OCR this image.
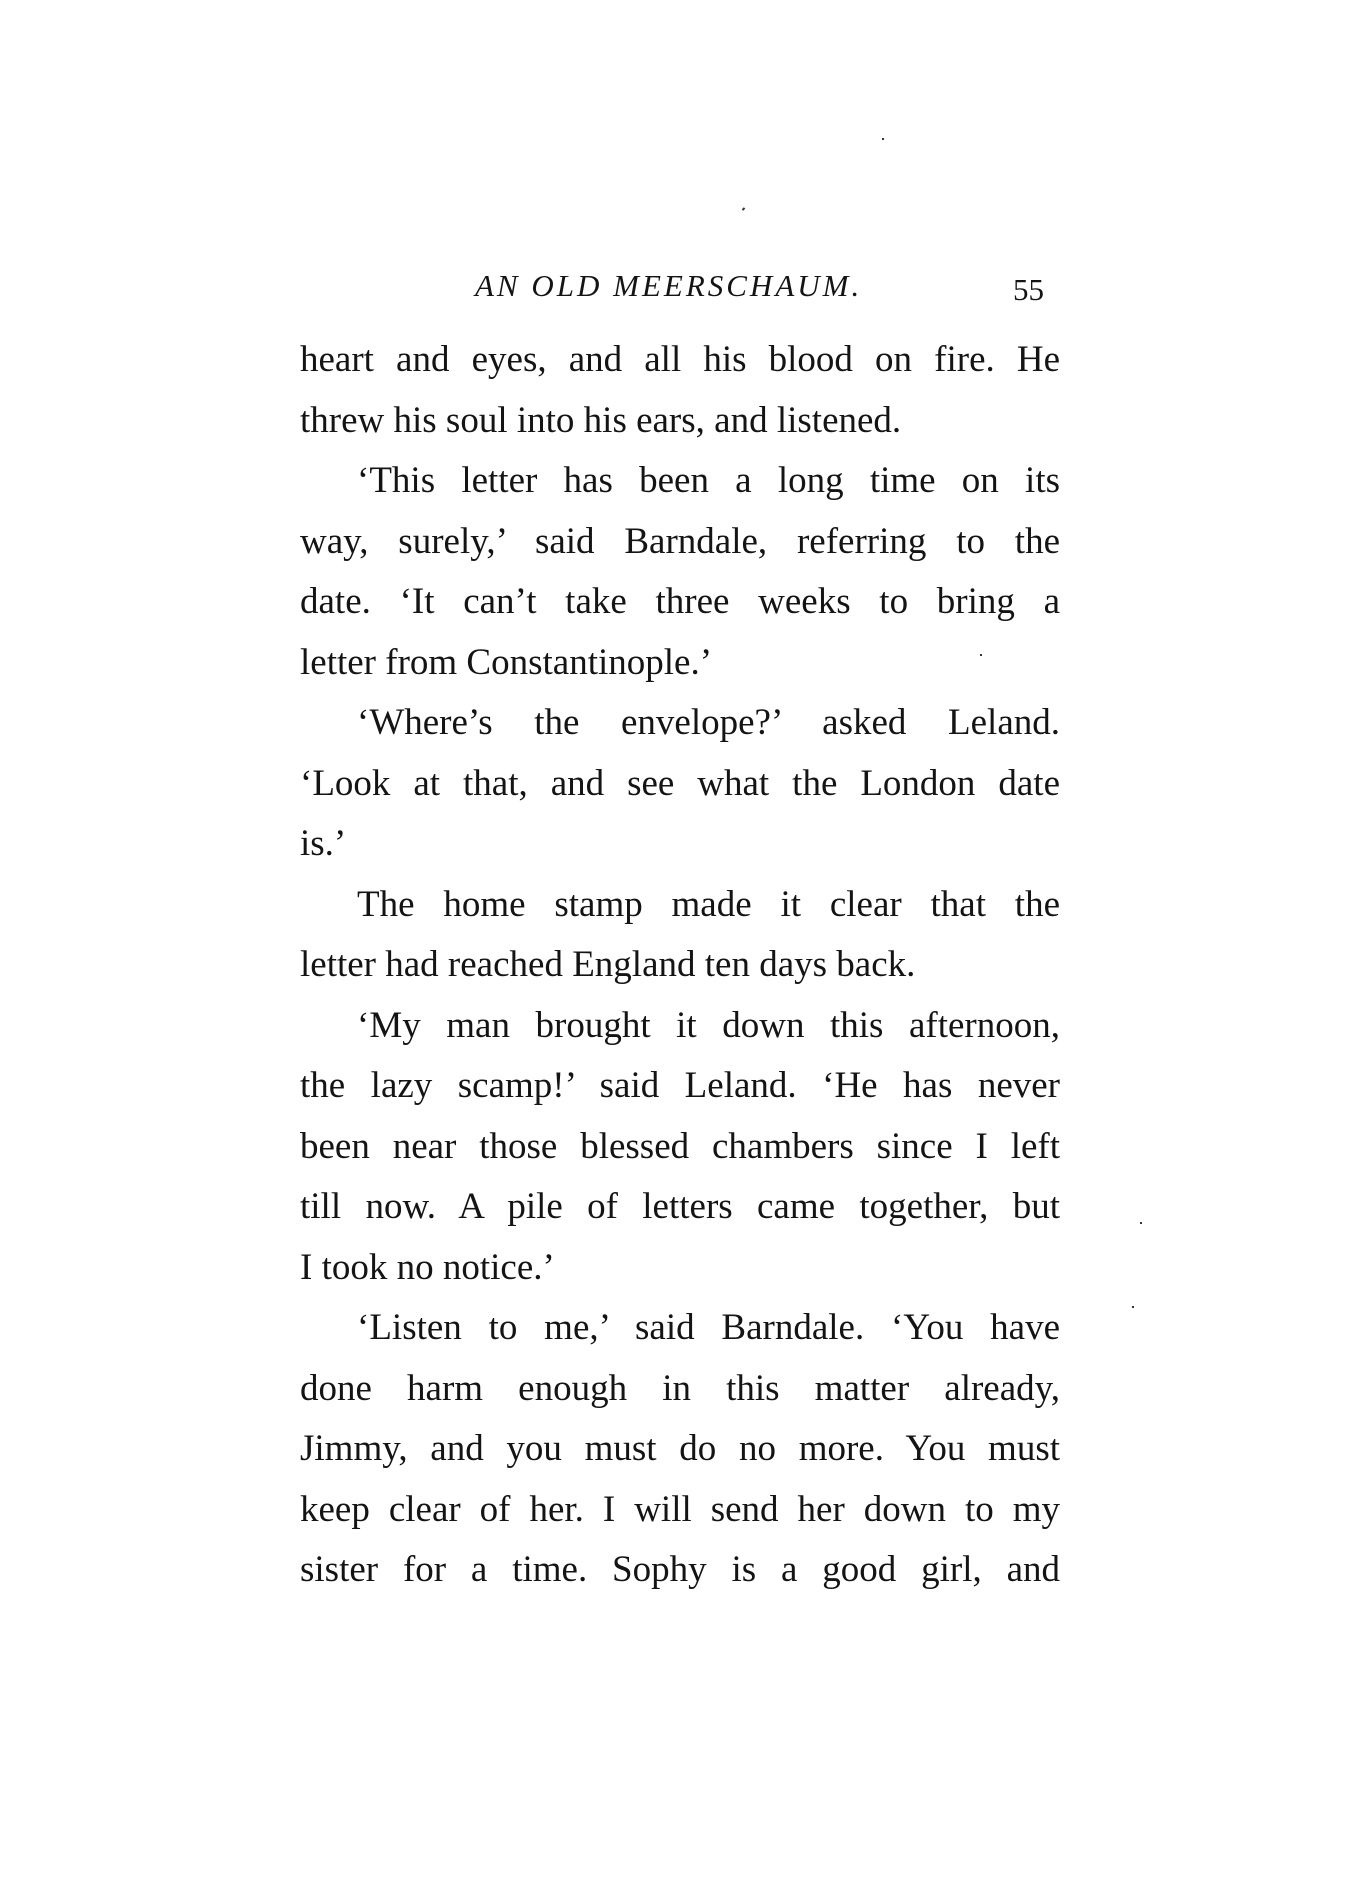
AN OLD MEERSCHAUM.	55
heart and eyes, and all his blood on fire. He
threw his soul into his ears, and listened.
‘This letter has been a long time on its
way, surely,’ said Barndale, referring to the
date. ‘It can’t take three weeks to bring a
letter from Constantinople.’
‘Where’s the envelope?’ asked Leland.
‘Look at that, and see what the London date
is.’
The home stamp made it clear that the
letter had reached England ten days back.
‘My man brought it down this afternoon,
the lazy scamp!’ said Leland. ‘He has never
been near those blessed chambers since I left
till now. A pile of letters came together, but
I took no notice.’
‘Listen to me,’ said Barndale. ‘You have
done harm enough in this matter already,
Jimmy, and you must do no more. You must
keep clear of her. I will send her down to my
sister for a time. Sophy is a good girl, and
